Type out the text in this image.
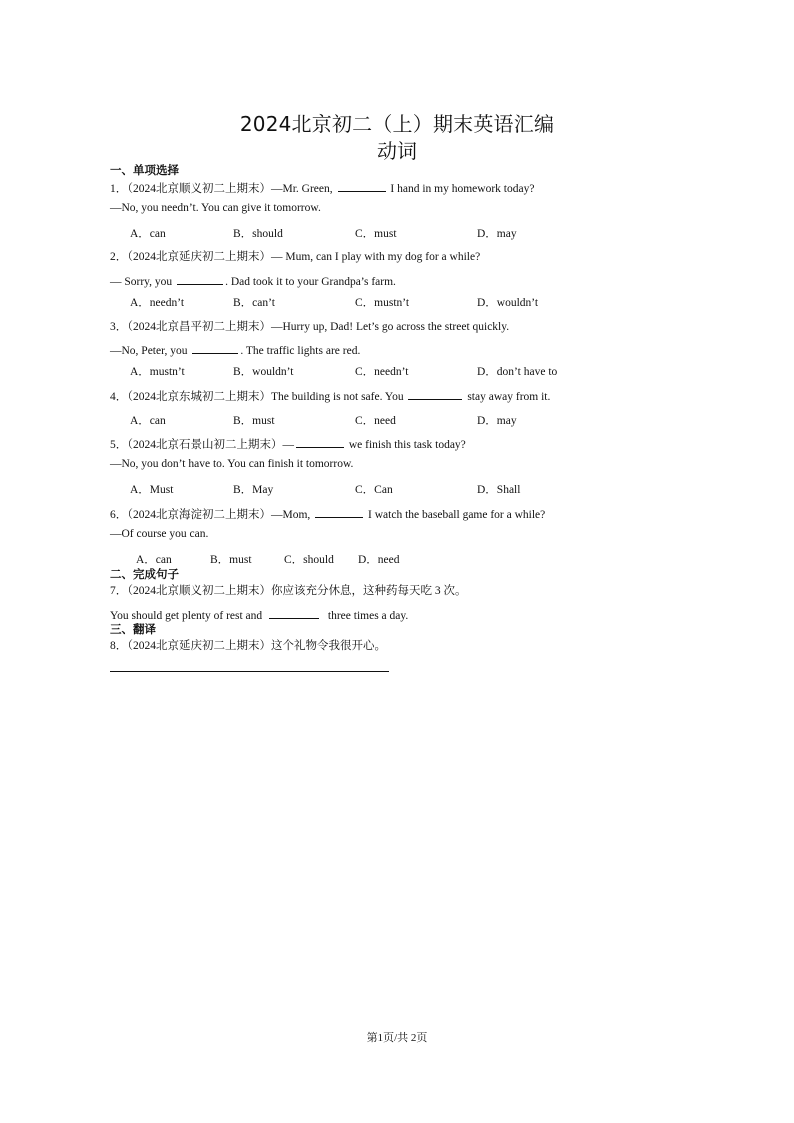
2024北京初二（上）期末英语汇编
动词
一、单项选择
1．（2024北京顺义初二上期末）—Mr. Green,	I hand in my homework today?
—No, you needn’t. You can give it tomorrow.
A．can	B．should	C．must	D．may
2．（2024北京延庆初二上期末）— Mum, can I play with my dog for a while?
— Sorry, you	. Dad took it to your Grandpa’s farm.
A．needn’t	B．can’t	C．mustn’t	D．wouldn’t
3．（2024北京昌平初二上期末）—Hurry up, Dad! Let’s go across the street quickly.
—No, Peter, you	. The traffic lights are red.
A．mustn’t	B．wouldn’t	C．needn’t	D．don’t have to
4．（2024北京东城初二上期末）The building is not safe. You	stay away from it.
A．can	B．must	C．need	D．may
5．（2024北京石景山初二上期末）—	we finish this task today?
—No, you don’t have to. You can finish it tomorrow.
A．Must	B．May	C．Can	D．Shall
6．（2024北京海淀初二上期末）—Mom,	I watch the baseball game for a while?
—Of course you can.
A．can	B．must	C．should D．need
二、完成句子
7．（2024北京顺义初二上期末）你应该充分休息，这种药每天吃 3 次。
You should get plenty of rest and	three times a day.
三、翻译
8．（2024北京延庆初二上期末）这个礼物令我很开心。
第1页/共 2页
